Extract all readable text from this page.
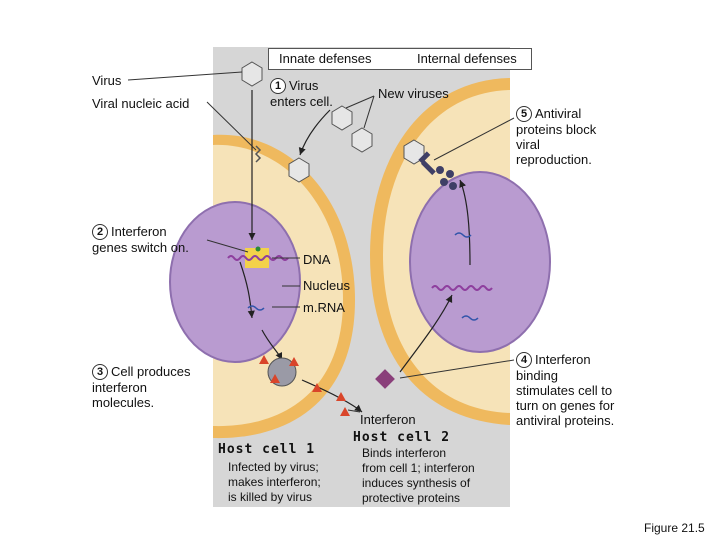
Innate defenses	Internal defenses
Virus
Viral nucleic acid
1 Virus
enters cell.
New viruses
5 Antiviral
proteins block
viral
reproduction.
2 Interferon
genes switch on.
DNA
Nucleus
m.RNA
3 Cell produces
interferon
molecules.
4 Interferon
binding
stimulates cell to
turn on genes for
antiviral proteins.
Interferon
Host cell 1
Infected by virus;
makes interferon;
is killed by virus
Host cell 2
Binds interferon
from cell 1; interferon
induces synthesis of
protective proteins
Figure 21.5
